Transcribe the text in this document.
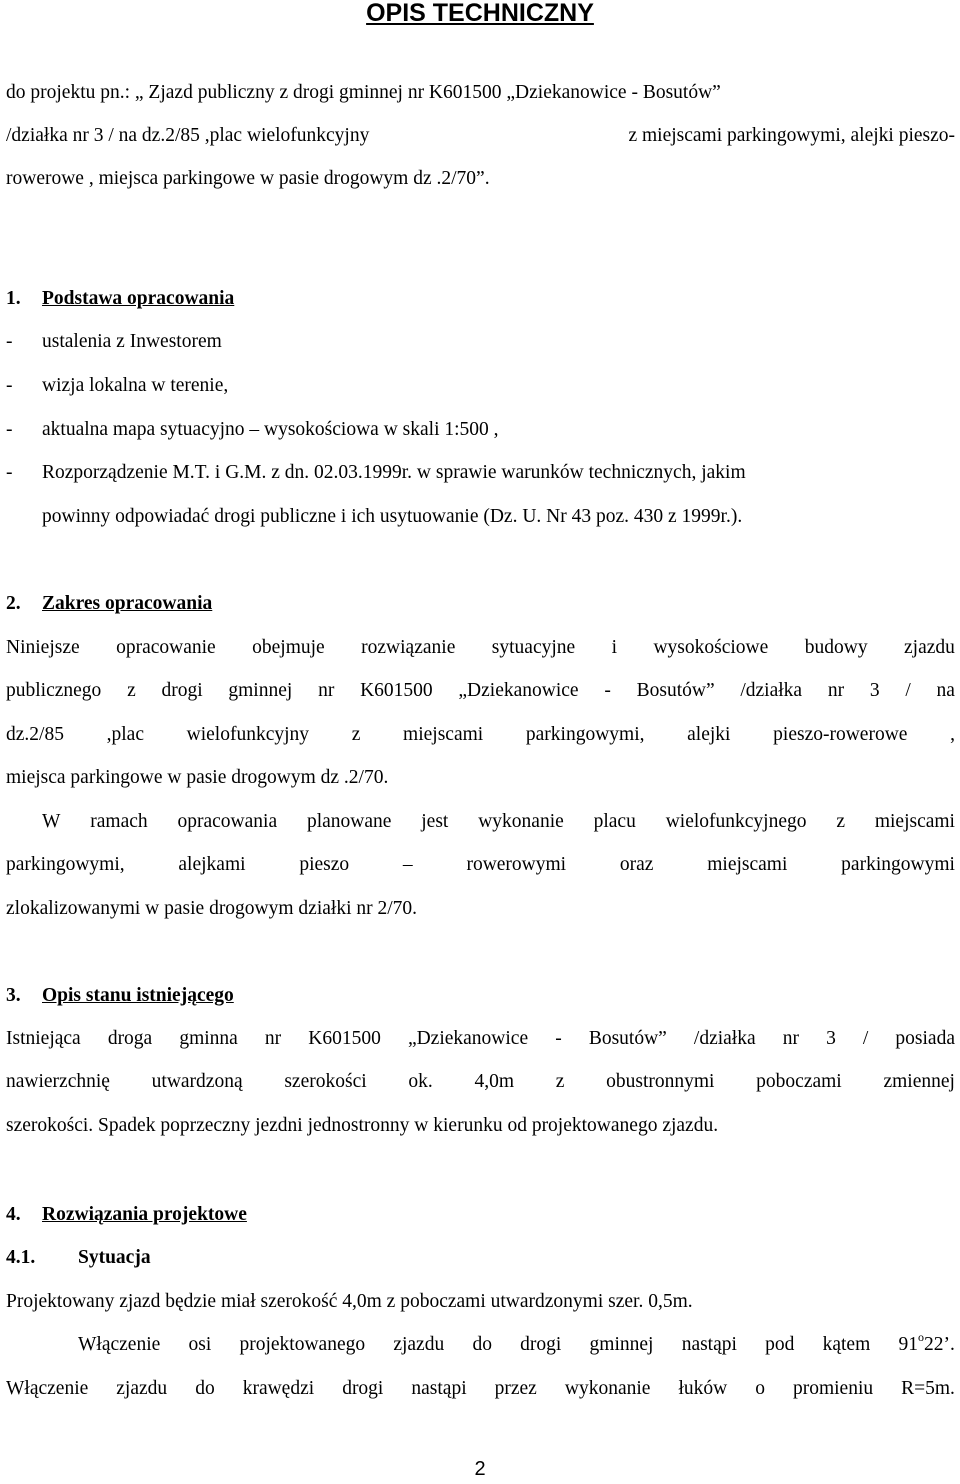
OPIS TECHNICZNY
do projektu pn.: „ Zjazd publiczny z drogi gminnej nr K601500 „Dziekanowice - Bosutów”
/działka nr 3 / na dz.2/85 ,plac wielofunkcyjny	z miejscami parkingowymi, alejki pieszo-
rowerowe , miejsca parkingowe w pasie drogowym dz .2/70”.
1. Podstawa opracowania
- ustalenia z Inwestorem
- wizja lokalna w terenie,
- aktualna mapa sytuacyjno – wysokościowa w skali 1:500 ,
- Rozporządzenie M.T. i G.M. z dn. 02.03.1999r. w sprawie warunków technicznych, jakim
powinny odpowiadać drogi publiczne i ich usytuowanie (Dz. U. Nr 43 poz. 430 z 1999r.).
2. Zakres opracowania
Niniejsze opracowanie obejmuje rozwiązanie sytuacyjne i wysokościowe budowy zjazdu
publicznego z drogi gminnej nr K601500 „Dziekanowice - Bosutów” /działka nr 3 / na
dz.2/85 ,plac wielofunkcyjny z miejscami parkingowymi, alejki pieszo-rowerowe ,
miejsca parkingowe w pasie drogowym dz .2/70.
W ramach opracowania planowane jest wykonanie placu wielofunkcyjnego z miejscami
parkingowymi,	alejkami	pieszo	–	rowerowymi	oraz	miejscami	parkingowymi
zlokalizowanymi w pasie drogowym działki nr 2/70.
3. Opis stanu istniejącego
Istniejąca droga gminna nr K601500 „Dziekanowice - Bosutów” /działka nr 3 / posiada
nawierzchnię utwardzoną szerokości ok. 4,0m z obustronnymi poboczami zmiennej
szerokości. Spadek poprzeczny jezdni jednostronny w kierunku od projektowanego zjazdu.
4. Rozwiązania projektowe
4.1. Sytuacja
Projektowany zjazd będzie miał szerokość 4,0m z poboczami utwardzonymi szer. 0,5m.
Włączenie osi projektowanego zjazdu do drogi gminnej nastąpi pod kątem 91$^o$22’.
Włączenie zjazdu do krawędzi drogi nastąpi przez wykonanie łuków o promieniu R=5m.
2
